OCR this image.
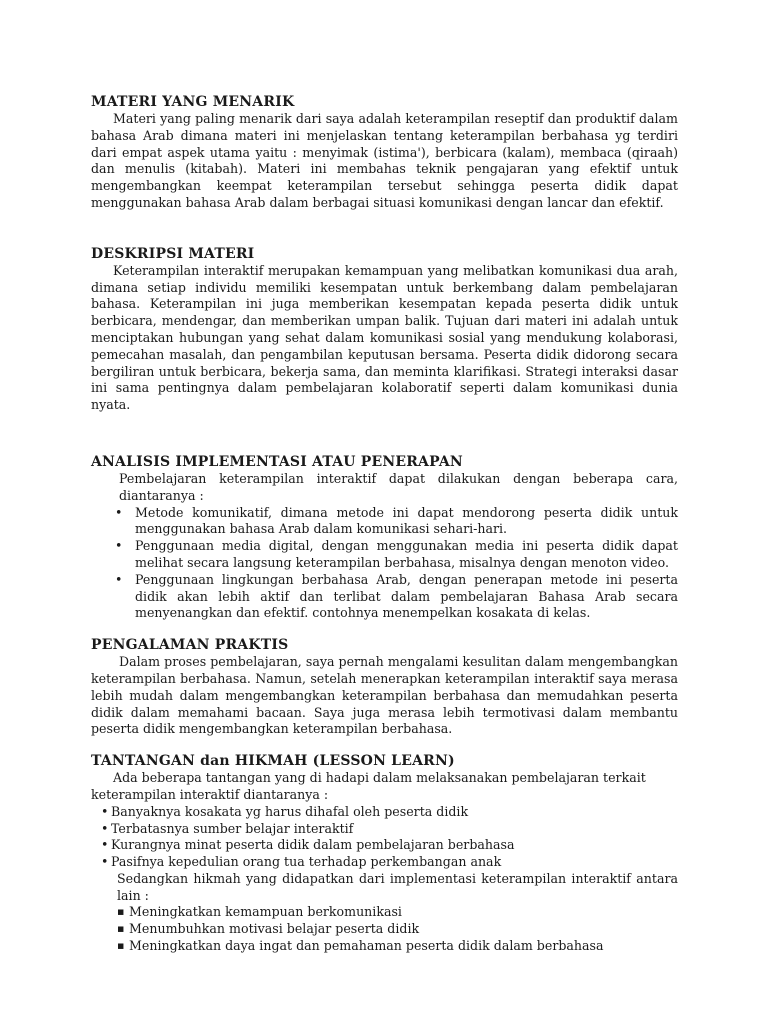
MATERI YANG MENARIK

Materi yang paling menarik dari saya adalah keterampilan reseptif dan produktif dalam bahasa Arab dimana materi ini menjelaskan tentang keterampilan berbahasa yg terdiri dari empat aspek utama yaitu : menyimak (istima'), berbicara (kalam), membaca (qiraah) dan menulis (kitabah). Materi ini membahas teknik pengajaran yang efektif untuk mengembangkan keempat keterampilan tersebut sehingga peserta didik dapat menggunakan bahasa Arab dalam berbagai situasi komunikasi dengan lancar dan efektif.

DESKRIPSI MATERI

Keterampilan interaktif merupakan kemampuan yang melibatkan komunikasi dua arah, dimana setiap individu memiliki kesempatan untuk berkembang dalam pembelajaran bahasa. Keterampilan ini juga memberikan kesempatan kepada peserta didik untuk berbicara, mendengar, dan memberikan umpan balik. Tujuan dari materi ini adalah untuk menciptakan hubungan yang sehat dalam komunikasi sosial yang mendukung kolaborasi, pemecahan masalah, dan pengambilan keputusan bersama. Peserta didik didorong secara bergiliran untuk berbicara, bekerja sama, dan meminta klarifikasi. Strategi interaksi dasar ini sama pentingnya dalam pembelajaran kolaboratif seperti dalam komunikasi dunia nyata.

ANALISIS IMPLEMENTASI ATAU PENERAPAN

Pembelajaran keterampilan interaktif dapat dilakukan dengan beberapa cara, diantaranya :

• Metode komunikatif, dimana metode ini dapat mendorong peserta didik untuk menggunakan bahasa Arab dalam komunikasi sehari-hari.
• Penggunaan media digital, dengan menggunakan media ini peserta didik dapat melihat secara langsung keterampilan berbahasa, misalnya dengan menoton video.
• Penggunaan lingkungan berbahasa Arab, dengan penerapan metode ini peserta didik akan lebih aktif dan terlibat dalam pembelajaran Bahasa Arab secara menyenangkan dan efektif. contohnya menempelkan kosakata di kelas.
PENGALAMAN PRAKTIS

Dalam proses pembelajaran, saya pernah mengalami kesulitan dalam mengembangkan keterampilan berbahasa. Namun, setelah menerapkan keterampilan interaktif saya merasa lebih mudah dalam mengembangkan keterampilan berbahasa dan memudahkan peserta didik dalam memahami bacaan. Saya juga merasa lebih termotivasi dalam membantu peserta didik mengembangkan keterampilan berbahasa.

TANTANGAN dan HIKMAH (LESSON LEARN)

Ada beberapa tantangan yang di hadapi dalam melaksanakan pembelajaran terkait

keterampilan interaktif diantaranya :

• Banyaknya kosakata yg harus dihafal oleh peserta didik
• Terbatasnya sumber belajar interaktif
• Kurangnya minat peserta didik dalam pembelajaran berbahasa
• Pasifnya kepedulian orang tua terhadap perkembangan anak

Sedangkan hikmah yang didapatkan dari implementasi keterampilan interaktif antara lain :

▪ Meningkatkan kemampuan berkomunikasi
▪ Menumbuhkan motivasi belajar peserta didik
▪ Meningkatkan daya ingat dan pemahaman peserta didik dalam berbahasa
